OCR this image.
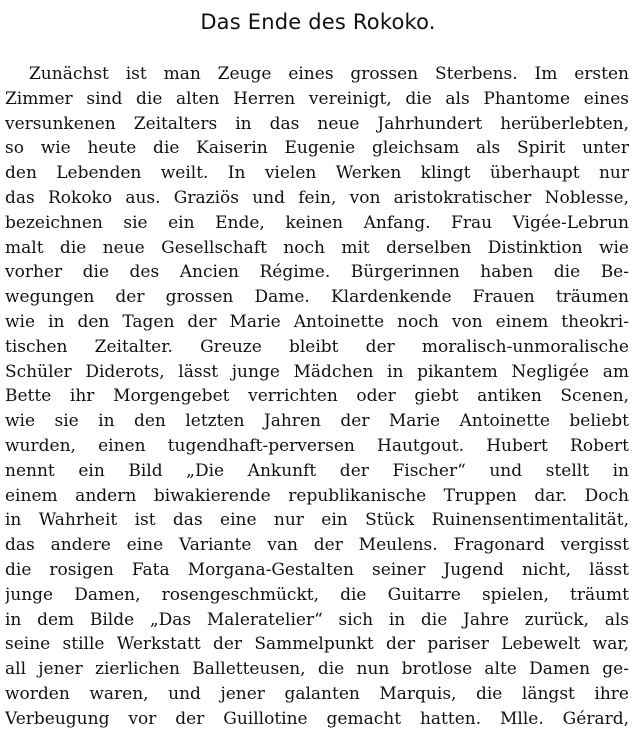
Das Ende des Rokoko.
Zunächst ist man Zeuge eines grossen Sterbens. Im ersten
Zimmer sind die alten Herren vereinigt, die als Phantome eines
versunkenen Zeitalters in das neue Jahrhundert herüberlebten,
so wie heute die Kaiserin Eugenie gleichsam als Spirit unter
den Lebenden weilt. In vielen Werken klingt überhaupt nur
das Rokoko aus. Graziös und fein, von aristokratischer Noblesse,
bezeichnen sie ein Ende, keinen Anfang. Frau Vigée-Lebrun
malt die neue Gesellschaft noch mit derselben Distinktion wie
vorher die des Ancien Régime. Bürgerinnen haben die Be-
wegungen der grossen Dame. Klardenkende Frauen träumen
wie in den Tagen der Marie Antoinette noch von einem theokri-
tischen Zeitalter. Greuze bleibt der moralisch-unmoralische
Schüler Diderots, lässt junge Mädchen in pikantem Negligée am
Bette ihr Morgengebet verrichten oder giebt antiken Scenen,
wie sie in den letzten Jahren der Marie Antoinette beliebt
wurden, einen tugendhaft-perversen Hautgout. Hubert Robert
nennt ein Bild „Die Ankunft der Fischer“ und stellt in
einem andern biwakierende republikanische Truppen dar. Doch
in Wahrheit ist das eine nur ein Stück Ruinensentimentalität,
das andere eine Variante van der Meulens. Fragonard vergisst
die rosigen Fata Morgana-Gestalten seiner Jugend nicht, lässt
junge Damen, rosengeschmückt, die Guitarre spielen, träumt
in dem Bilde „Das Maleratelier“ sich in die Jahre zurück, als
seine stille Werkstatt der Sammelpunkt der pariser Lebewelt war,
all jener zierlichen Balletteusen, die nun brotlose alte Damen ge-
worden waren, und jener galanten Marquis, die längst ihre
Verbeugung vor der Guillotine gemacht hatten. Mlle. Gérard,
